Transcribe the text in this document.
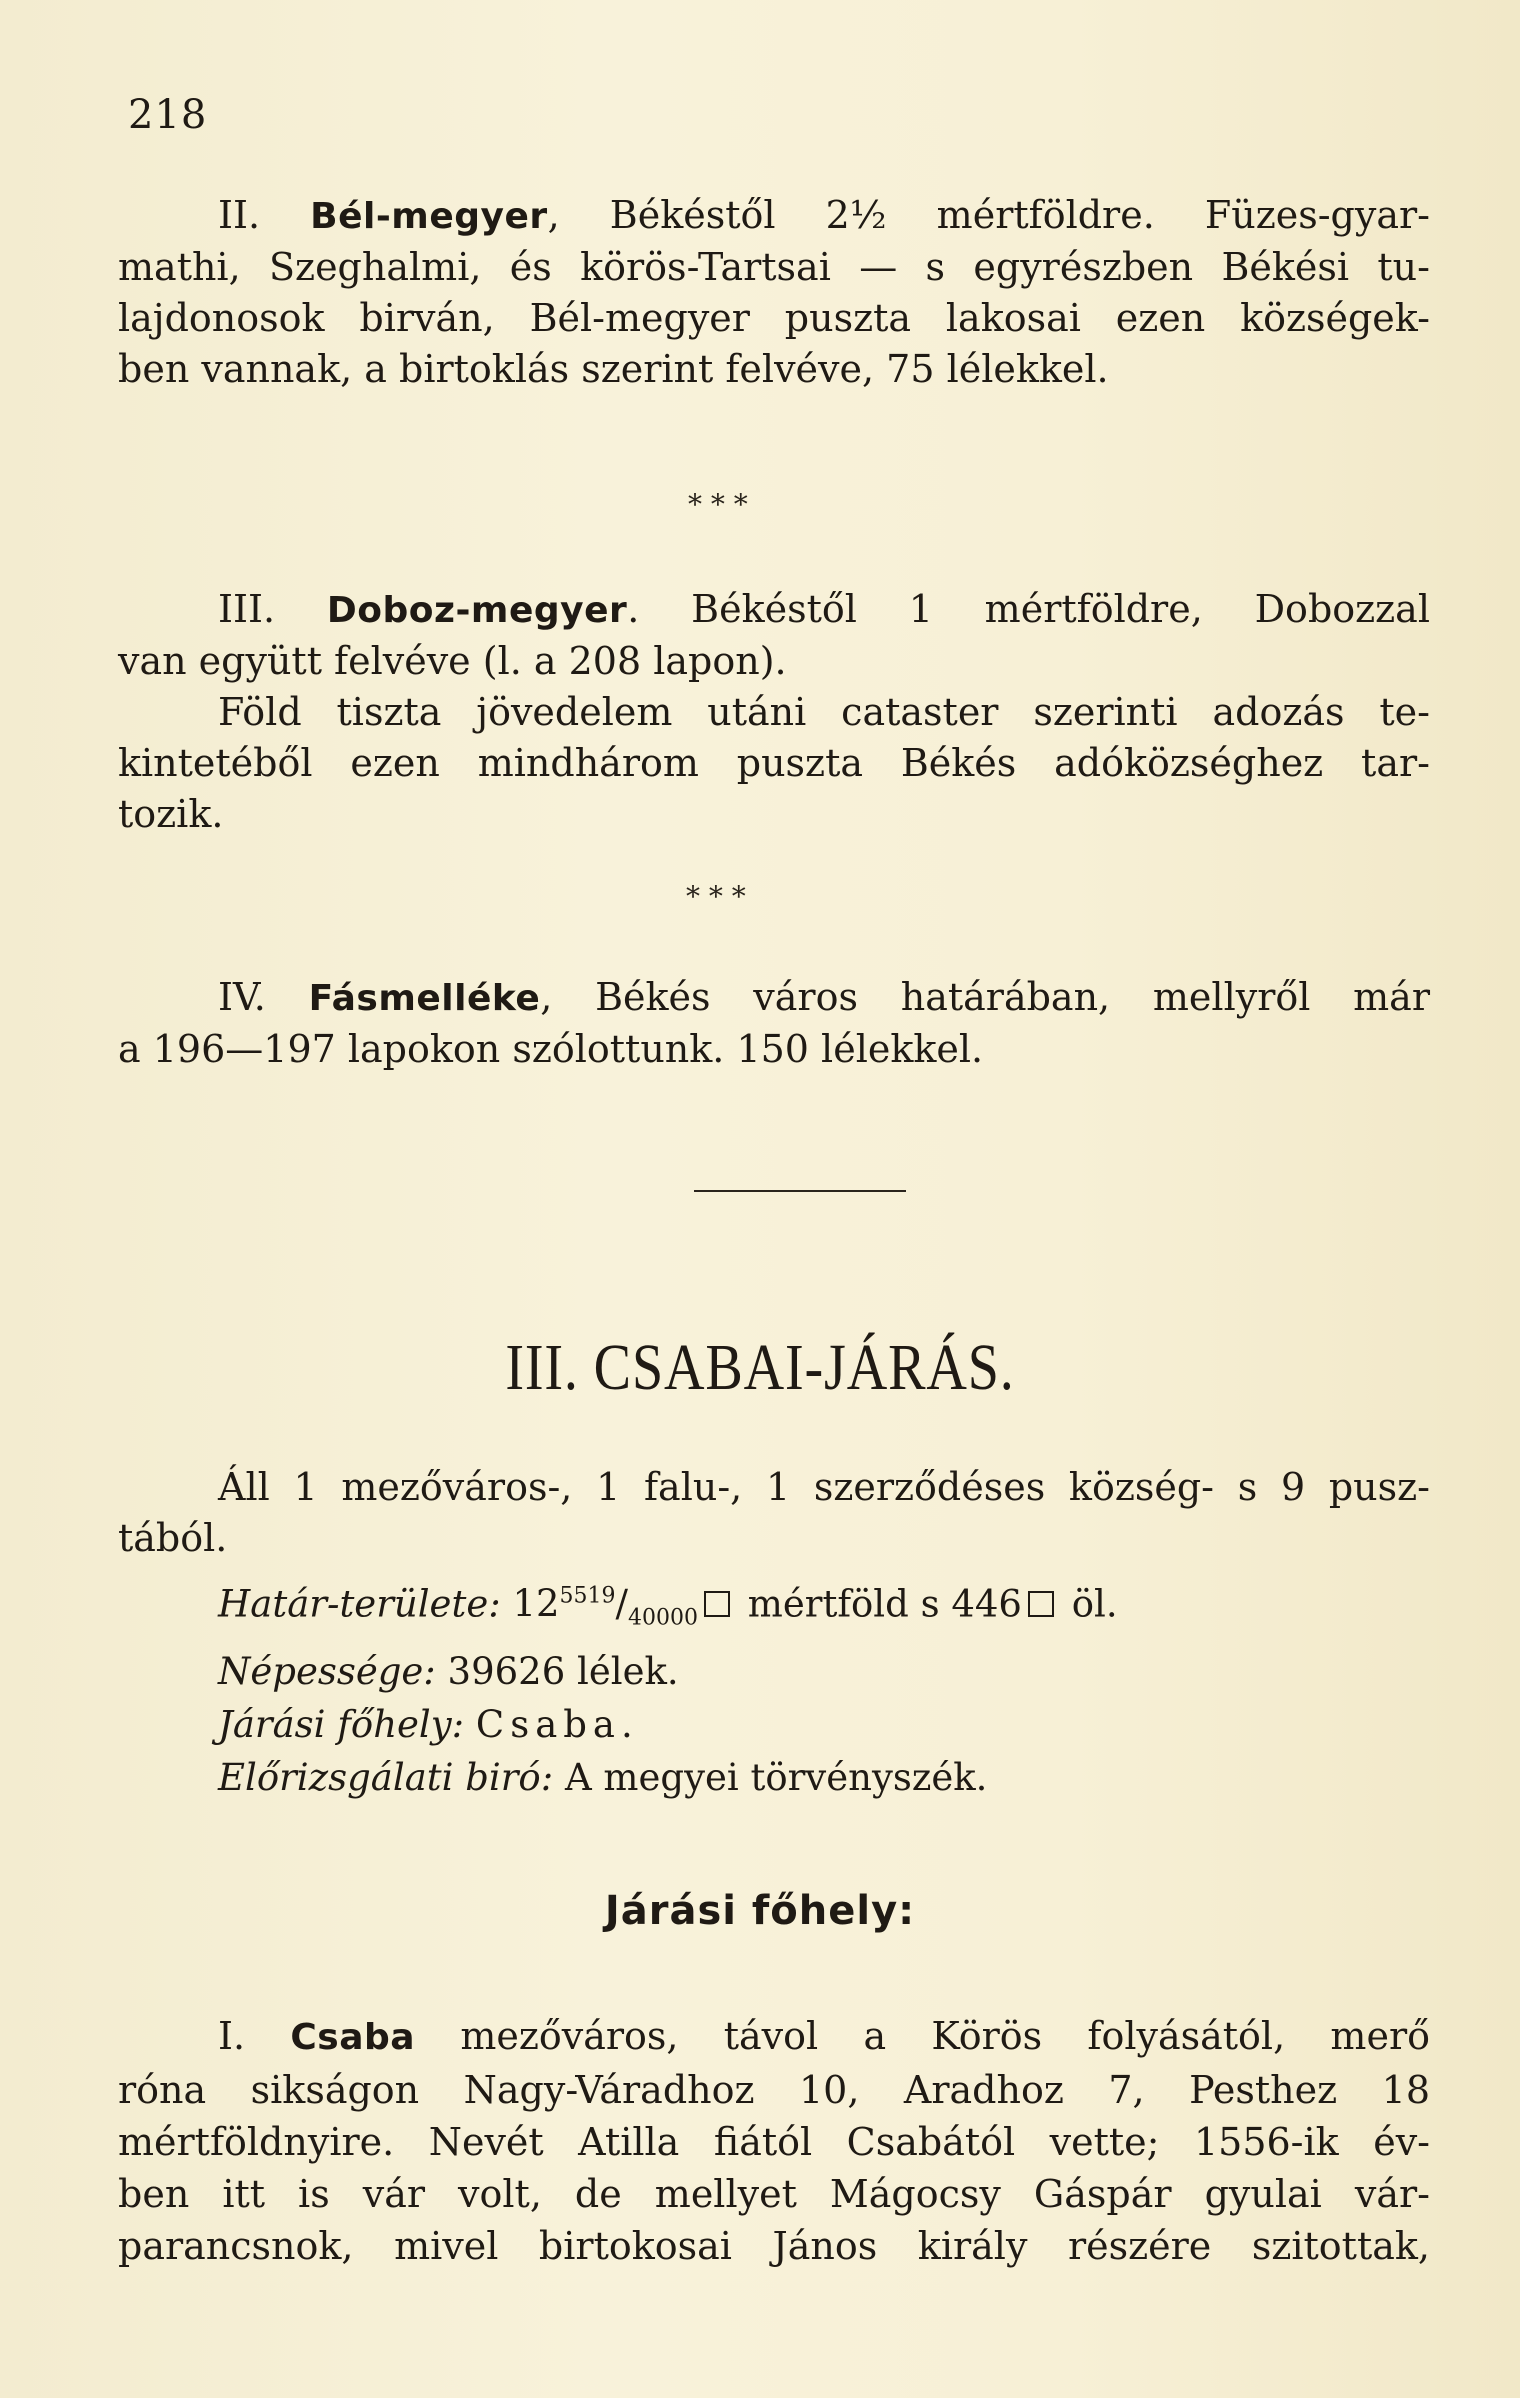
218
II. Bél-megyer, Békéstől 2½ mértföldre. Füzes-gyar-
mathi, Szeghalmi, és körös-Tartsai — s egyrészben Békési tu-
lajdonosok birván, Bél-megyer puszta lakosai ezen községek-
ben vannak, a birtoklás szerint felvéve, 75 lélekkel.
* * *
III. Doboz-megyer. Békéstől 1 mértföldre, Dobozzal
van együtt felvéve (l. a 208 lapon).
Föld tiszta jövedelem utáni cataster szerinti adozás te-
kintetéből ezen mindhárom puszta Békés adóközséghez tar-
tozik.
* * *
IV. Fásmelléke, Békés város határában, mellyről már
a 196—197 lapokon szólottunk. 150 lélekkel.
III. CSABAI-JÁRÁS.
Áll 1 mezőváros-, 1 falu-, 1 szerződéses község- s 9 pusz-
tából.
Határ-területe: $12^{5519}/_{40000}$ mértföld s 446 öl.
Népessége: 39626 lélek.
Járási főhely: Csaba.
Előrizsgálati biró: A megyei törvényszék.
Járási főhely:
I. Csaba mezőváros, távol a Körös folyásától, merő
róna sikságon Nagy-Váradhoz 10, Aradhoz 7, Pesthez 18
mértföldnyire. Nevét Atilla fiától Csabától vette; 1556-ik év-
ben itt is vár volt, de mellyet Mágocsy Gáspár gyulai vár-
parancsnok, mivel birtokosai János király részére szitottak,
